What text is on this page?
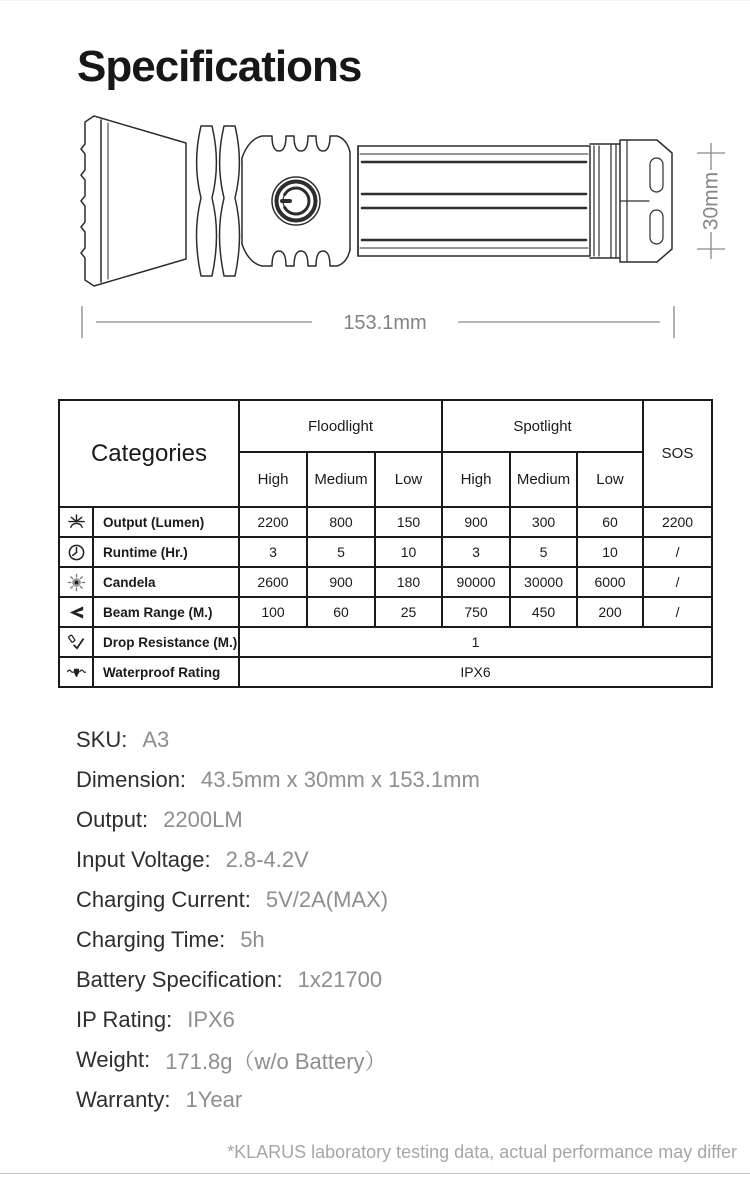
Specifications
30mm
153.1mm
Categories		Floodlight			Spotlight			SOS
		High	Medium	Low	High	Medium	Low	

	Output (Lumen)	2200	800	150	900	300	60	2200

	Runtime (Hr.)	3	5	10	3	5	10	/

	Candela	2600	900	180	90000	30000	6000	/

	Beam Range (M.)	100	60	25	750	450	200	/

	Drop Resistance (M.)	1						

	Waterproof Rating	IPX6						
SKU: A3
Dimension: 43.5mm x 30mm x 153.1mm
Output: 2200LM
Input Voltage: 2.8-4.2V
Charging Current: 5V/2A(MAX)
Charging Time: 5h
Battery Specification: 1x21700
IP Rating: IPX6
Weight: 171.8g（w/o Battery）
Warranty: 1Year
*KLARUS laboratory testing data, actual performance may differ
